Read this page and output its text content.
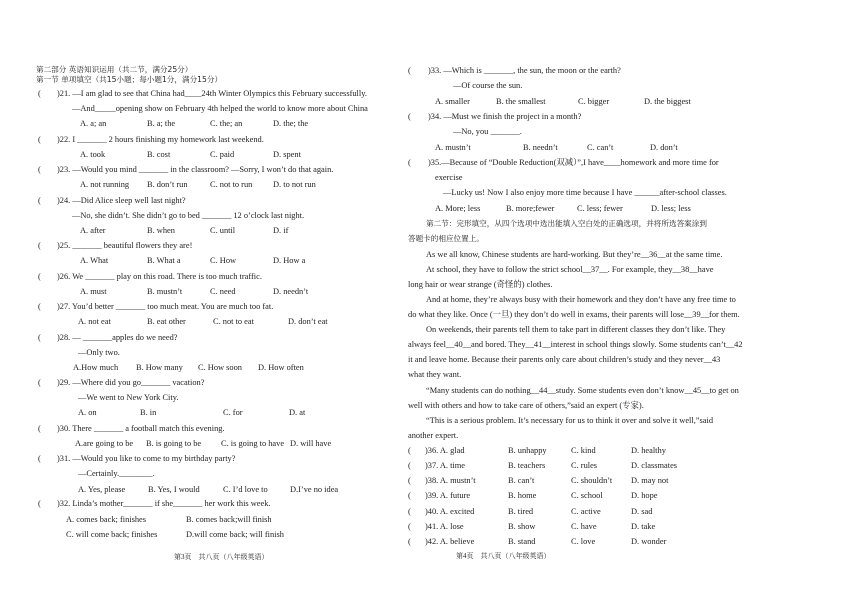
第二部分 英语知识运用（共二节，满分25分）
第一节 单项填空（共15小题；每小题1分，满分15分）
( )21. —I am glad to see that China had____24th Winter Olympics this February successfully.
—And_____opening show on February 4th helped the world to know more about China
A. a; an	B. a; the	C. the; an	D. the; the
( )22. I _______ 2 hours finishing my homework last weekend.
A. took	B. cost	C. paid	D. spent
( )23. —Would you mind _______ in the classroom? —Sorry, I won’t do that again.
A. not running B. don’t run	C. not to run D. to not run
( )24. —Did Alice sleep well last night?
—No, she didn’t. She didn’t go to bed _______ 12 o’clock last night.
A. after	B. when	C. until	D. if
( )25. _______ beautiful flowers they are!
A. What	B. What a	C. How	D. How a
( )26. We _______ play on this road. There is too much traffic.
A. must	B. mustn’t	C. need	D. needn’t
( )27. You’d better _______ too much meat. You are much too fat.
A. not eat	B. eat other	C. not to eat	D. don’t eat
( )28. — _______apples do we need?
—Only two.
A.How much B. How many C. How soon D. How often
( )29. —Where did you go_______ vacation?
—We went to New York City.
A. on	B. in	C. for	D. at
( )30. There _______ a football match this evening.
A.are going to be B. is going to be C. is going to have D. will have
( )31. —Would you like to come to my birthday party?
—Certainly.________.
A. Yes, please	B. Yes, I would	C. I’d love to	D.I’ve no idea
( )32. Linda’s mother_______ if she_______ her work this week.
A. comes back; finishes	B. comes back;will finish
C. will come back; finishes	D.will come back; will finish
第3页　共八页（八年级英语）
( )33. —Which is _______, the sun, the moon or the earth?
—Of course the sun.
A. smaller	B. the smallest	C. bigger	D. the biggest
( )34. —Must we finish the project in a month?
—No, you _______.
A. mustn’t	B. needn’t	C. can’t	D. don’t
( )35.—Because of “Double Reduction(双减）”,I have____homework and more time for
exercise
—Lucky us! Now I also enjoy more time because I have ______after-school classes.
A. More; less	B. more;fewer	C. less; fewer	D. less; less
第二节：完形填空，从四个选项中选出能填入空白处的正确选项，并将所选答案涂到
答题卡的相应位置上。
As we all know, Chinese students are hard-working. But they’re__36__at the same time.
At school, they have to follow the strict school__37__. For example, they__38__have
long hair or wear strange (奇怪的) clothes.
And at home, they’re always busy with their homework and they don’t have any free time to
do what they like. Once (一旦) they don’t do well in exams, their parents will lose__39__for them.
On weekends, their parents tell them to take part in different classes they don’t like. They
always feel__40__and bored. They__41__interest in school things slowly. Some students can’t__42
it and leave home. Because their parents only care about children’s study and they never__43
what they want.
“Many students can do nothing__44__study. Some students even don’t know__45__to get on
well with others and how to take care of others,”said an expert (专家).
“This is a serious problem. It’s necessary for us to think it over and solve it well,”said
another expert.
( )36. A. glad	B. unhappy	C. kind	D. healthy
( )37. A. time	B. teachers	C. rules	D. classmates
( )38. A. mustn’t	B. can’t	C. shouldn’t D. may not
( )39. A. future	B. home	C. school	D. hope
( )40. A. excited	B. tired	C. active	D. sad
( )41. A. lose	B. show	C. have	D. take
( )42. A. believe	B. stand	C. love	D. wonder
第4页　共八页（八年级英语）
